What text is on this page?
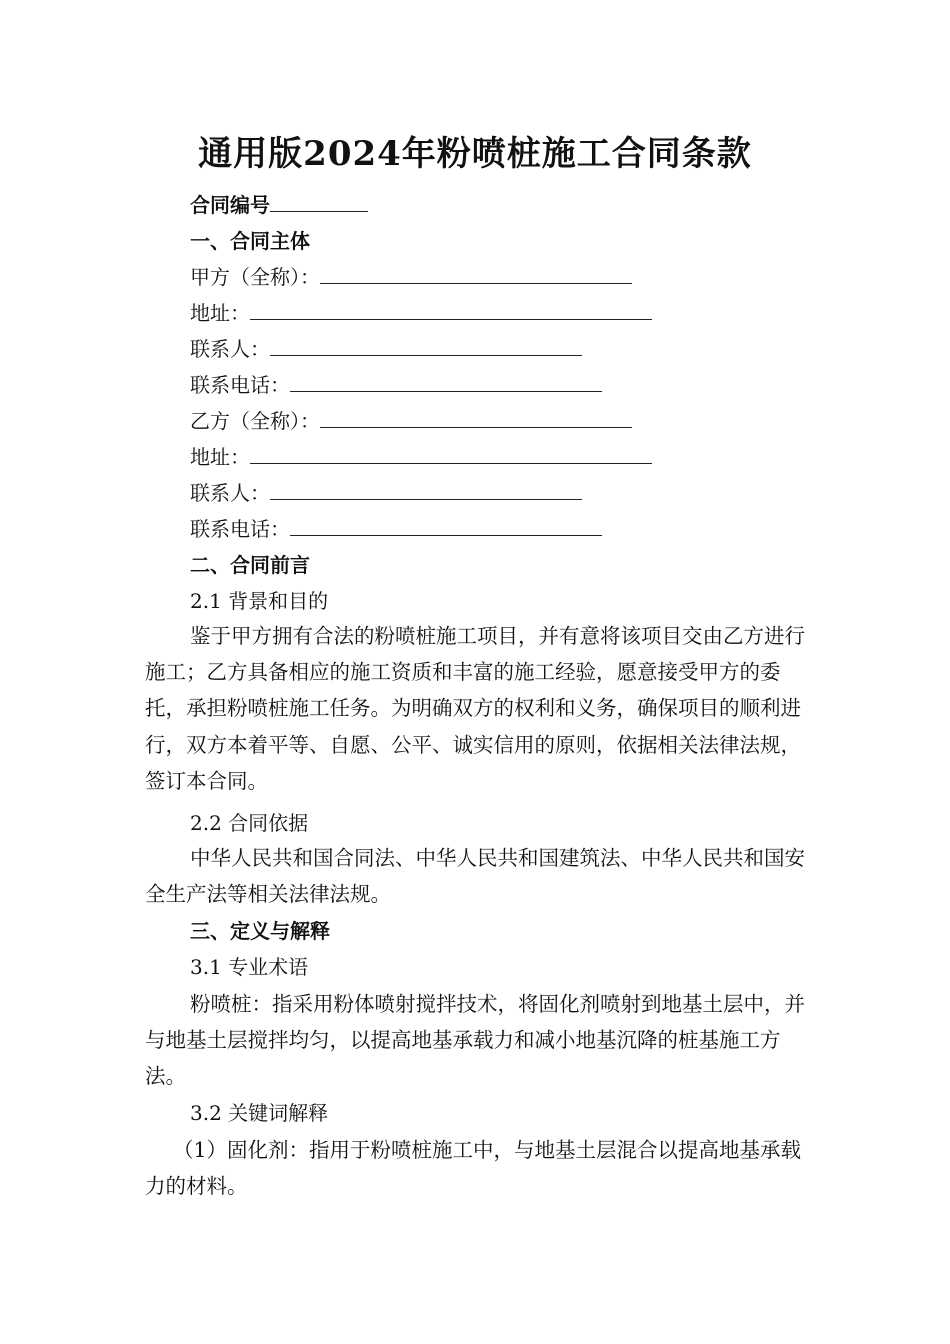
通用版2024年粉喷桩施工合同条款
合同编号
一、合同主体
甲方（全称）：
地址：
联系人：
联系电话：
乙方（全称）：
地址：
联系人：
联系电话：
二、合同前言
2.1 背景和目的
鉴于甲方拥有合法的粉喷桩施工项目，并有意将该项目交由乙方进行施工；乙方具备相应的施工资质和丰富的施工经验，愿意接受甲方的委托，承担粉喷桩施工任务。为明确双方的权利和义务，确保项目的顺利进行，双方本着平等、自愿、公平、诚实信用的原则，依据相关法律法规，签订本合同。
2.2 合同依据
中华人民共和国合同法、中华人民共和国建筑法、中华人民共和国安全生产法等相关法律法规。
三、定义与解释
3.1 专业术语
粉喷桩：指采用粉体喷射搅拌技术，将固化剂喷射到地基土层中，并与地基土层搅拌均匀，以提高地基承载力和减小地基沉降的桩基施工方法。
3.2 关键词解释
（1）固化剂：指用于粉喷桩施工中，与地基土层混合以提高地基承载力的材料。
